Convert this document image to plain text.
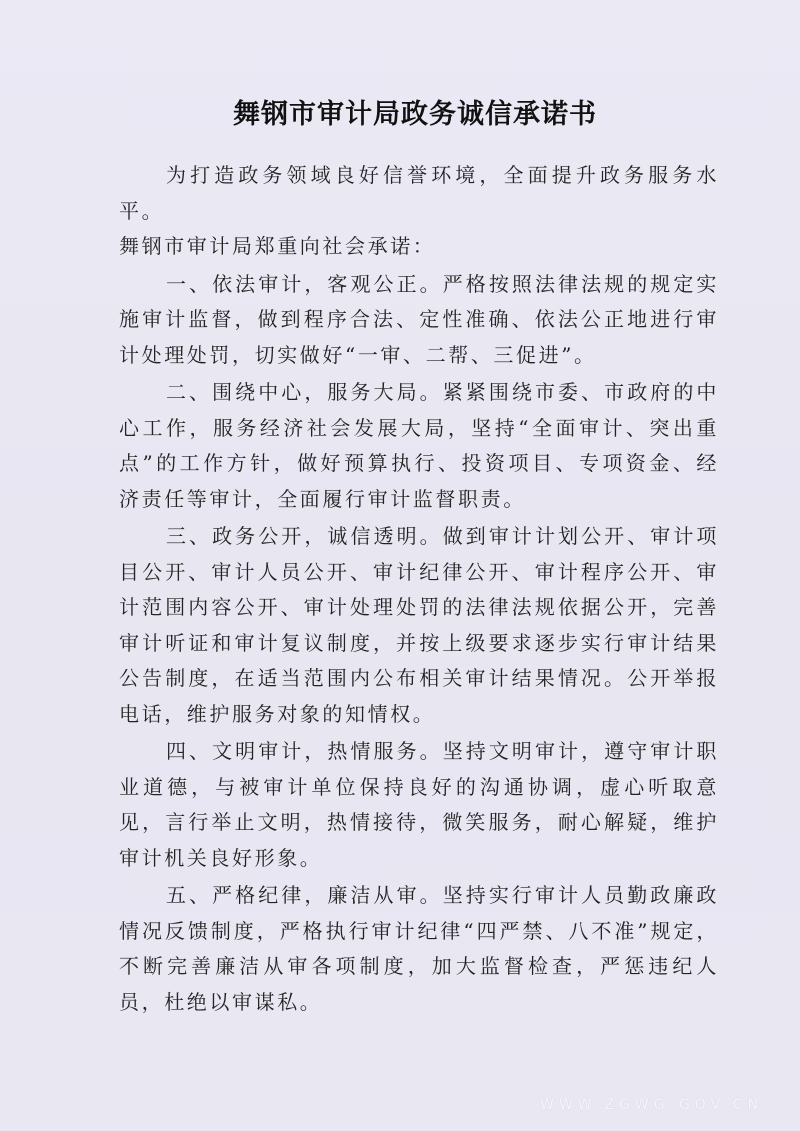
舞钢市审计局政务诚信承诺书

为打造政务领域良好信誉环境，全面提升政务服务水平。

舞钢市审计局郑重向社会承诺：

一、依法审计，客观公正。严格按照法律法规的规定实施审计监督，做到程序合法、定性准确、依法公正地进行审计处理处罚，切实做好“一审、二帮、三促进”。

二、围绕中心，服务大局。紧紧围绕市委、市政府的中心工作，服务经济社会发展大局，坚持“全面审计、突出重点”的工作方针，做好预算执行、投资项目、专项资金、经济责任等审计，全面履行审计监督职责。

三、政务公开，诚信透明。做到审计计划公开、审计项目公开、审计人员公开、审计纪律公开、审计程序公开、审计范围内容公开、审计处理处罚的法律法规依据公开，完善审计听证和审计复议制度，并按上级要求逐步实行审计结果公告制度，在适当范围内公布相关审计结果情况。公开举报电话，维护服务对象的知情权。

四、文明审计，热情服务。坚持文明审计，遵守审计职业道德，与被审计单位保持良好的沟通协调，虚心听取意见，言行举止文明，热情接待，微笑服务，耐心解疑，维护审计机关良好形象。

五、严格纪律，廉洁从审。坚持实行审计人员勤政廉政情况反馈制度，严格执行审计纪律“四严禁、八不准”规定，不断完善廉洁从审各项制度，加大监督检查，严惩违纪人员，杜绝以审谋私。

WWW.ZGWG.GOV.CN
